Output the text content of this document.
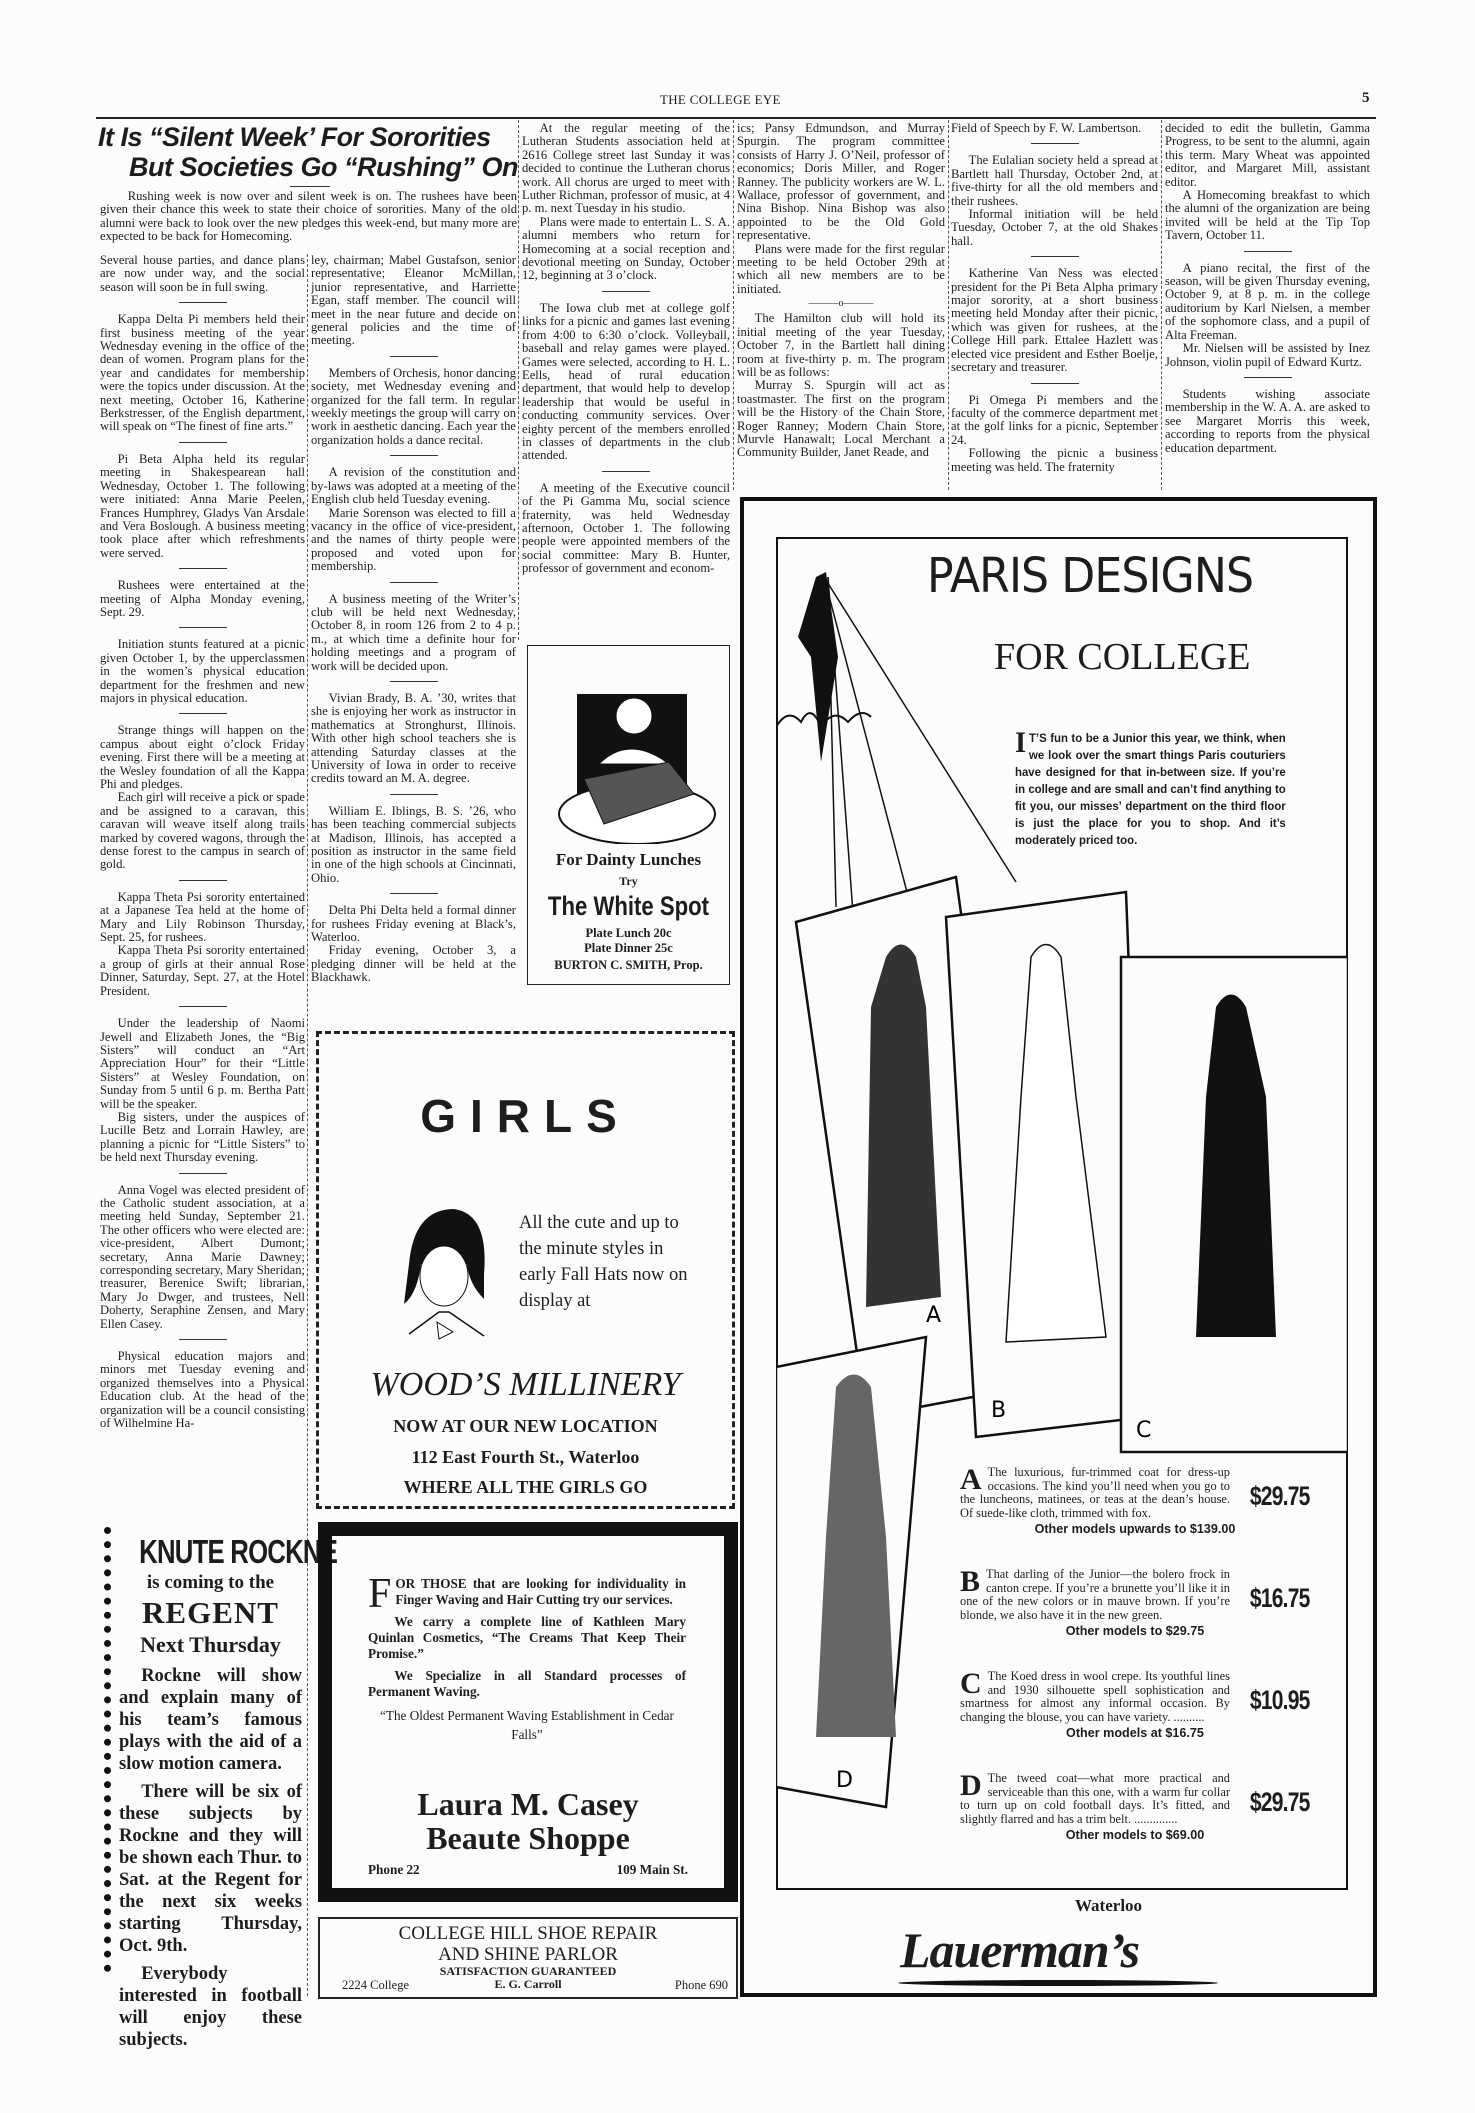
THE COLLEGE EYE	5
It Is “Silent Week’ For Sororities
But Societies Go “Rushing” On
Rushing week is now over and silent week is on. The rushees have been given their chance this week to state their choice of sororities. Many of the old alumni were back to look over the new pledges this week-end, but many more are expected to be back for Homecoming.

Several house parties, and dance plans are now under way, and the social season will soon be in full swing.

Kappa Delta Pi members held their first business meeting of the year Wednesday evening in the office of the dean of women. Program plans for the year and candidates for membership were the topics under discussion. At the next meeting, October 16, Katherine Berkstresser, of the English department, will speak on “The finest of fine arts.”

Pi Beta Alpha held its regular meeting in Shakespearean hall Wednesday, October 1. The following were initiated: Anna Marie Peelen, Frances Humphrey, Gladys Van Arsdale and Vera Boslough. A business meeting took place after which refreshments were served.

Rushees were entertained at the meeting of Alpha Monday evening, Sept. 29.

Initiation stunts featured at a picnic given October 1, by the upperclassmen in the women’s physical education department for the freshmen and new majors in physical education.

Strange things will happen on the campus about eight o’clock Friday evening. First there will be a meeting at the Wesley foundation of all the Kappa Phi and pledges.

Each girl will receive a pick or spade and be assigned to a caravan, this caravan will weave itself along trails marked by covered wagons, through the dense forest to the campus in search of gold.

Kappa Theta Psi sorority entertained at a Japanese Tea held at the home of Mary and Lily Robinson Thursday, Sept. 25, for rushees.

Kappa Theta Psi sorority entertained a group of girls at their annual Rose Dinner, Saturday, Sept. 27, at the Hotel President.

Under the leadership of Naomi Jewell and Elizabeth Jones, the “Big Sisters” will conduct an “Art Appreciation Hour” for their “Little Sisters” at Wesley Foundation, on Sunday from 5 until 6 p. m. Bertha Patt will be the speaker.

Big sisters, under the auspices of Lucille Betz and Lorrain Hawley, are planning a picnic for “Little Sisters” to be held next Thursday evening.

Anna Vogel was elected president of the Catholic student association, at a meeting held Sunday, September 21. The other officers who were elected are: vice-president, Albert Dumont; secretary, Anna Marie Dawney; corresponding secretary, Mary Sheridan; treasurer, Berenice Swift; librarian, Mary Jo Dwger, and trustees, Nell Doherty, Seraphine Zensen, and Mary Ellen Casey.

Physical education majors and minors met Tuesday evening and organized themselves into a Physical Education club. At the head of the organization will be a council consisting of Wilhelmine Ha-

ley, chairman; Mabel Gustafson, senior representative; Eleanor McMillan, junior representative, and Harriette Egan, staff member. The council will meet in the near future and decide on general policies and the time of meeting.

Members of Orchesis, honor dancing society, met Wednesday evening and organized for the fall term. In regular weekly meetings the group will carry on work in aesthetic dancing. Each year the organization holds a dance recital.

A revision of the constitution and by-laws was adopted at a meeting of the English club held Tuesday evening.

Marie Sorenson was elected to fill a vacancy in the office of vice-president, and the names of thirty people were proposed and voted upon for membership.

A business meeting of the Writer’s club will be held next Wednesday, October 8, in room 126 from 2 to 4 p. m., at which time a definite hour for holding meetings and a program of work will be decided upon.

Vivian Brady, B. A. ’30, writes that she is enjoying her work as instructor in mathematics at Stronghurst, Illinois. With other high school teachers she is attending Saturday classes at the University of Iowa in order to receive credits toward an M. A. degree.

William E. Iblings, B. S. ’26, who has been teaching commercial subjects at Madison, Illinois, has accepted a position as instructor in the same field in one of the high schools at Cincinnati, Ohio.

Delta Phi Delta held a formal dinner for rushees Friday evening at Black’s, Waterloo.

Friday evening, October 3, a pledging dinner will be held at the Blackhawk.

At the regular meeting of the Lutheran Students association held at 2616 College street last Sunday it was decided to continue the Lutheran chorus work. All chorus are urged to meet with Luther Richman, professor of music, at 4 p. m. next Tuesday in his studio.

Plans were made to entertain L. S. A. alumni members who return for Homecoming at a social reception and devotional meeting on Sunday, October 12, beginning at 3 o’clock.

The Iowa club met at college golf links for a picnic and games last evening from 4:00 to 6:30 o’clock. Volleyball, baseball and relay games were played. Games were selected, according to H. L. Eells, head of rural education department, that would help to develop leadership that would be useful in conducting community services. Over eighty percent of the members enrolled in classes of departments in the club attended.

A meeting of the Executive council of the Pi Gamma Mu, social science fraternity, was held Wednesday afternoon, October 1. The following people were appointed members of the social committee: Mary B. Hunter, professor of government and econom-

ics; Pansy Edmundson, and Murray Spurgin. The program committee consists of Harry J. O’Neil, professor of economics; Doris Miller, and Roger Ranney. The publicity workers are W. L. Wallace, professor of government, and Nina Bishop. Nina Bishop was also appointed to be the Old Gold representative.

Plans were made for the first regular meeting to be held October 29th at which all new members are to be initiated.

———o———

The Hamilton club will hold its initial meeting of the year Tuesday, October 7, in the Bartlett hall dining room at five-thirty p. m. The program will be as follows:

Murray S. Spurgin will act as toastmaster. The first on the program will be the History of the Chain Store, Roger Ranney; Modern Chain Store, Murvle Hanawalt; Local Merchant a Community Builder, Janet Reade, and

Field of Speech by F. W. Lambertson.

The Eulalian society held a spread at Bartlett hall Thursday, October 2nd, at five-thirty for all the old members and their rushees.

Informal initiation will be held Tuesday, October 7, at the old Shakes hall.

Katherine Van Ness was elected president for the Pi Beta Alpha primary major sorority, at a short business meeting held Monday after their picnic, which was given for rushees, at the College Hill park. Ettalee Hazlett was elected vice president and Esther Boelje, secretary and treasurer.

Pi Omega Pi members and the faculty of the commerce department met at the golf links for a picnic, September 24.

Following the picnic a business meeting was held. The fraternity

decided to edit the bulletin, Gamma Progress, to be sent to the alumni, again this term. Mary Wheat was appointed editor, and Margaret Mill, assistant editor.

A Homecoming breakfast to which the alumni of the organization are being invited will be held at the Tip Top Tavern, October 11.

A piano recital, the first of the season, will be given Thursday evening, October 9, at 8 p. m. in the college auditorium by Karl Nielsen, a member of the sophomore class, and a pupil of Alta Freeman.

Mr. Nielsen will be assisted by Inez Johnson, violin pupil of Edward Kurtz.

Students wishing associate membership in the W. A. A. are asked to see Margaret Morris this week, according to reports from the physical education department.

For Dainty Lunches
Try
The White Spot
Plate Lunch 20c
Plate Dinner 25c
BURTON C. SMITH, Prop.
GIRLS
All the cute and up to the minute styles in early Fall Hats now on display at
WOOD’S MILLINERY
NOW AT OUR NEW LOCATION
112 East Fourth St., Waterloo
WHERE ALL THE GIRLS GO
KNUTE ROCKNE
is coming to the
REGENT
Next Thursday

Rockne will show and explain many of his team’s famous plays with the aid of a slow motion camera.

There will be six of these subjects by Rockne and they will be shown each Thur. to Sat. at the Regent for the next six weeks starting Thursday, Oct. 9th.

Everybody interested in football will enjoy these subjects.

FOR THOSE that are looking for individuality in Finger Waving and Hair Cutting try our services.

We carry a complete line of Kathleen Mary Quinlan Cosmetics, “The Creams That Keep Their Promise.”

We Specialize in all Standard processes of Permanent Waving.

“The Oldest Permanent Waving Establishment in Cedar Falls”

Laura M. Casey
Beaute Shoppe
Phone 22	109 Main St.
COLLEGE HILL SHOE REPAIR
AND SHINE PARLOR
SATISFACTION GUARANTEED
E. G. Carroll
2224 College	Phone 690
PARIS DESIGNS
FOR COLLEGE
B
C
D
A
I T’S fun to be a Junior this year, we think, when we look over the smart things Paris couturiers have designed for that in-between size. If you’re in college and are small and can’t find anything to fit you, our misses’ department on the third floor is just the place for you to shop. And it’s moderately priced too.
A The luxurious, fur-trimmed coat for dress-up occasions. The kind you’ll need when you go to the luncheons, matinees, or teas at the dean’s house. Of suede-like cloth, trimmed with fox.
$29.75
Other models upwards to $139.00
B That darling of the Junior—the bolero frock in canton crepe. If you’re a brunette you’ll like it in one of the new colors or in mauve brown. If you’re blonde, we also have it in the new green.
$16.75
Other models to $29.75
C The Koed dress in wool crepe. Its youthful lines and 1930 silhouette spell sophistication and smartness for almost any informal occasion. By changing the blouse, you can have variety. ..........
$10.95
Other models at $16.75
D The tweed coat—what more practical and serviceable than this one, with a warm fur collar to turn up on cold football days. It’s fitted, and slightly flarred and has a trim belt. ..............
$29.75
Other models to $69.00
Waterloo
Lauerman’s
